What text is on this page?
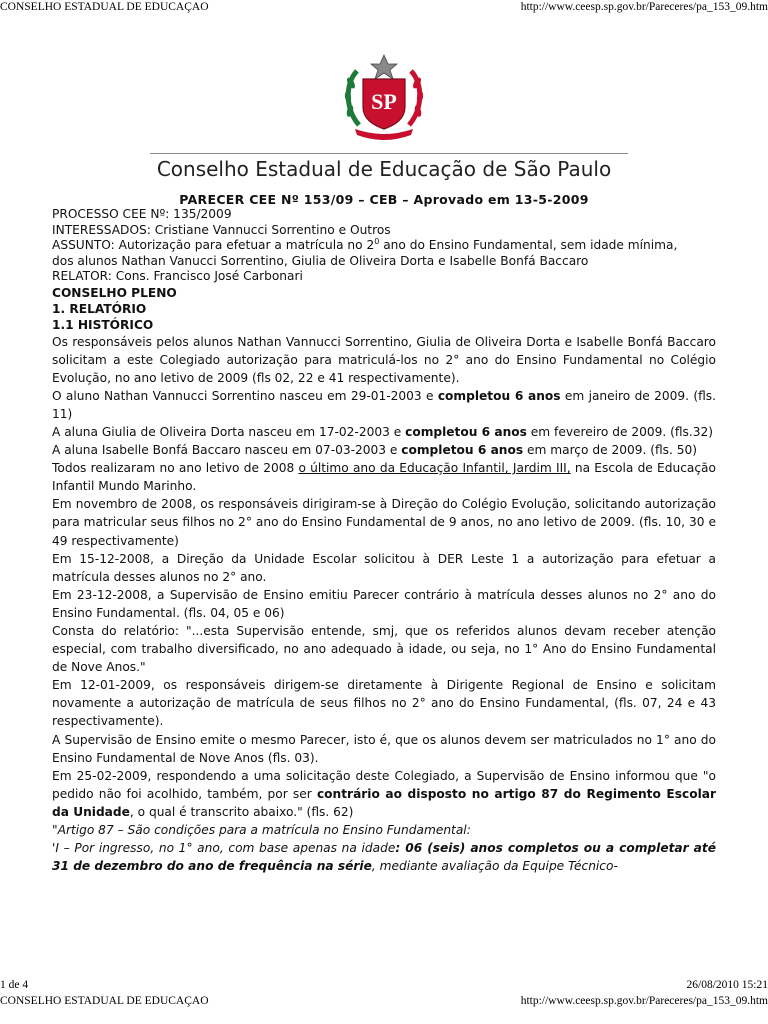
CONSELHO ESTADUAL DE EDUCAÇAO	http://www.ceesp.sp.gov.br/Pareceres/pa_153_09.htm
SP
Conselho Estadual de Educação de São Paulo
PARECER CEE Nº 153/09 – CEB – Aprovado em 13-5-2009

PROCESSO CEE Nº: 135/2009

INTERESSADOS: Cristiane Vannucci Sorrentino e Outros

ASSUNTO: Autorização para efetuar a matrícula no $2^0$ ano do Ensino Fundamental, sem idade mínima,

dos alunos Nathan Vanucci Sorrentino, Giulia de Oliveira Dorta e Isabelle Bonfá Baccaro

RELATOR: Cons. Francisco José Carbonari

CONSELHO PLENO

1. RELATÓRIO

1.1 HISTÓRICO

Os responsáveis pelos alunos Nathan Vannucci Sorrentino, Giulia de Oliveira Dorta e Isabelle Bonfá Baccaro solicitam a este Colegiado autorização para matriculá-los no 2° ano do Ensino Fundamental no Colégio Evolução, no ano letivo de 2009 (fls 02, 22 e 41 respectivamente).

O aluno Nathan Vannucci Sorrentino nasceu em 29-01-2003 e completou 6 anos em janeiro de 2009. (fls. 11)

A aluna Giulia de Oliveira Dorta nasceu em 17-02-2003 e completou 6 anos em fevereiro de 2009. (fls.32)

A aluna Isabelle Bonfá Baccaro nasceu em 07-03-2003 e completou 6 anos em março de 2009. (fls. 50)

Todos realizaram no ano letivo de 2008 o último ano da Educação Infantil, Jardim III, na Escola de Educação Infantil Mundo Marinho.

Em novembro de 2008, os responsáveis dirigiram-se à Direção do Colégio Evolução, solicitando autorização para matricular seus filhos no 2° ano do Ensino Fundamental de 9 anos, no ano letivo de 2009. (fls. 10, 30 e 49 respectivamente)

Em 15-12-2008, a Direção da Unidade Escolar solicitou à DER Leste 1 a autorização para efetuar a matrícula desses alunos no 2° ano.

Em 23-12-2008, a Supervisão de Ensino emitiu Parecer contrário à matrícula desses alunos no 2° ano do Ensino Fundamental. (fls. 04, 05 e 06)

Consta do relatório: "...esta Supervisão entende, smj, que os referidos alunos devam receber atenção especial, com trabalho diversificado, no ano adequado à idade, ou seja, no 1° Ano do Ensino Fundamental de Nove Anos."

Em 12-01-2009, os responsáveis dirigem-se diretamente à Dirigente Regional de Ensino e solicitam novamente a autorização de matrícula de seus filhos no 2° ano do Ensino Fundamental, (fls. 07, 24 e 43 respectivamente).

A Supervisão de Ensino emite o mesmo Parecer, isto é, que os alunos devem ser matriculados no 1° ano do Ensino Fundamental de Nove Anos (fls. 03).

Em 25-02-2009, respondendo a uma solicitação deste Colegiado, a Supervisão de Ensino informou que "o pedido não foi acolhido, também, por ser contrário ao disposto no artigo 87 do Regimento Escolar da Unidade, o qual é transcrito abaixo." (fls. 62)

"Artigo 87 – São condições para a matrícula no Ensino Fundamental:

'I – Por ingresso, no 1° ano, com base apenas na idade: 06 (seis) anos completos ou a completar até 31 de dezembro do ano de frequência na série, mediante avaliação da Equipe Técnico-

1 de 4	26/08/2010 15:21
CONSELHO ESTADUAL DE EDUCAÇAO	http://www.ceesp.sp.gov.br/Pareceres/pa_153_09.htm
